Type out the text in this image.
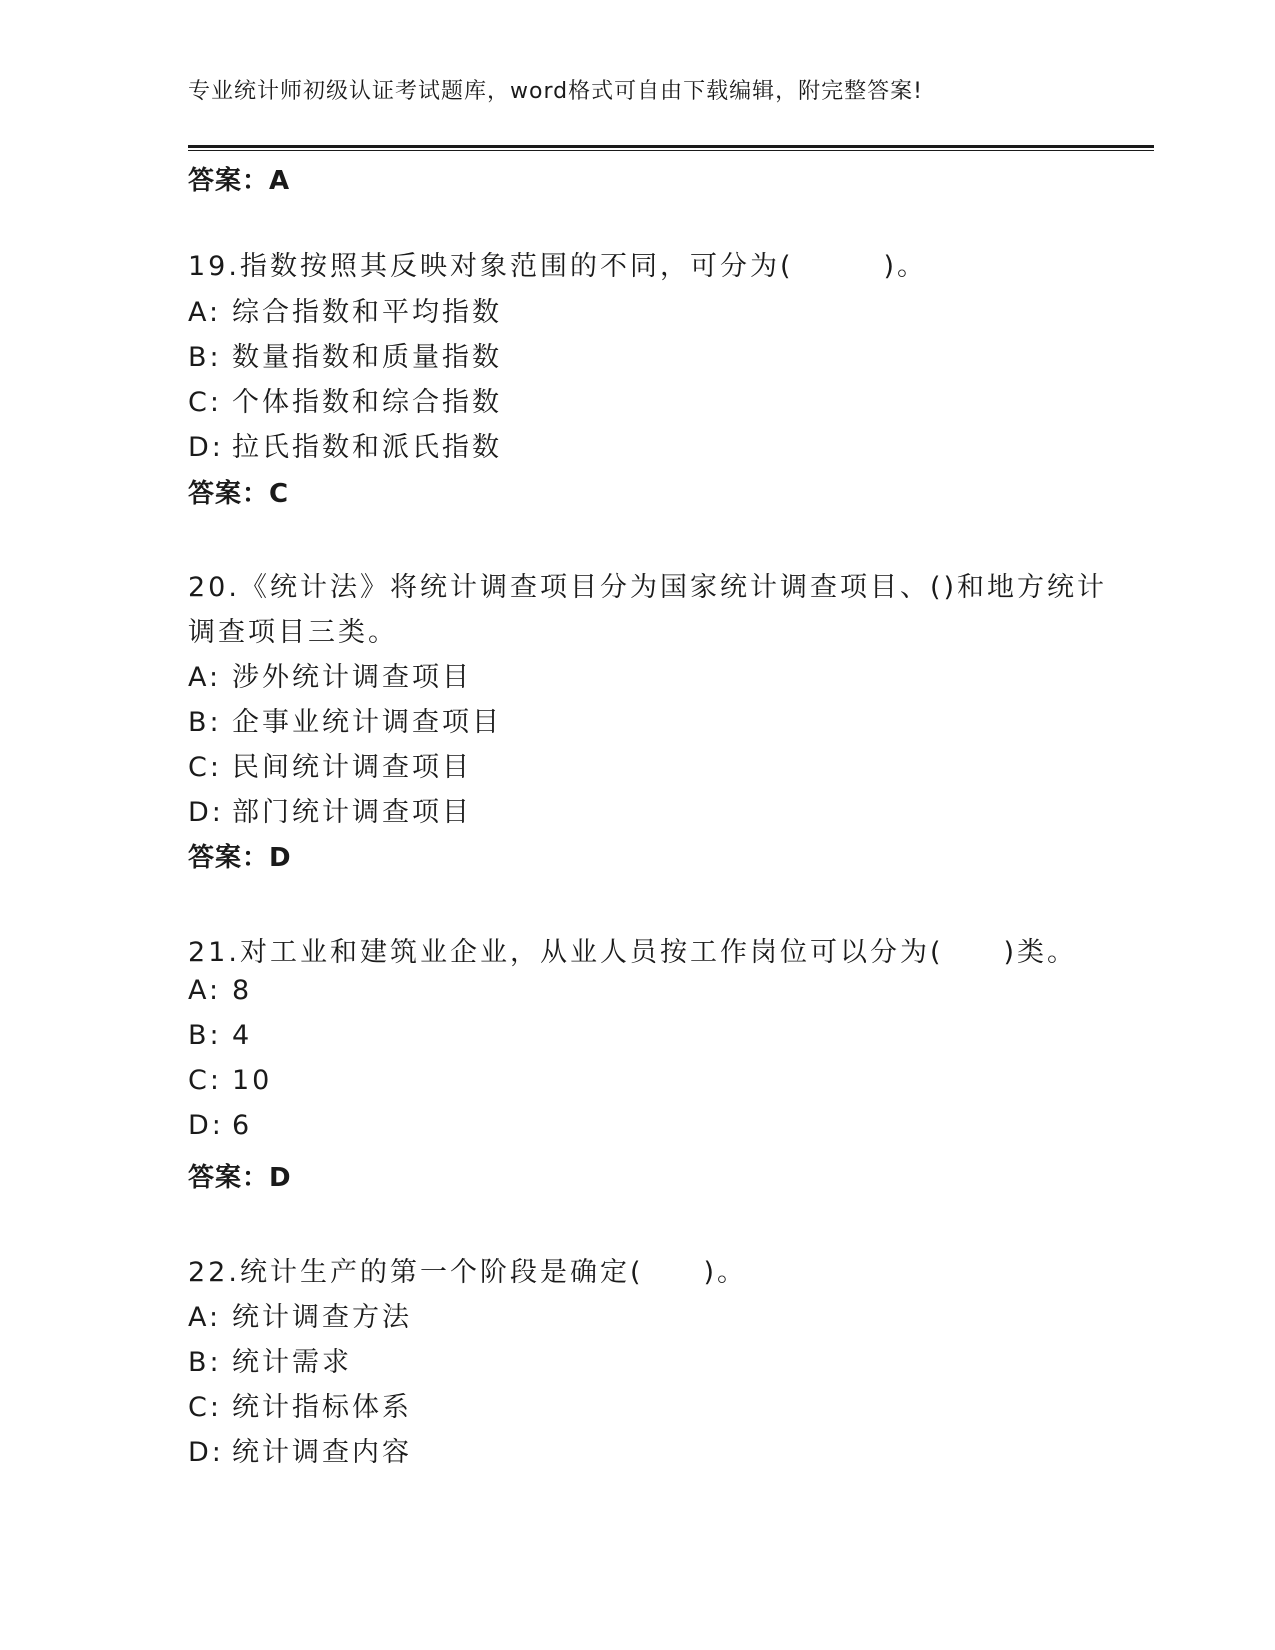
专业统计师初级认证考试题库，word格式可自由下载编辑，附完整答案!
答案：A
19.指数按照其反映对象范围的不同，可分为(　　　)。
A: 综合指数和平均指数
B: 数量指数和质量指数
C: 个体指数和综合指数
D: 拉氏指数和派氏指数
答案：C
20.《统计法》将统计调查项目分为国家统计调查项目、()和地方统计
调查项目三类。
A: 涉外统计调查项目
B: 企事业统计调查项目
C: 民间统计调查项目
D: 部门统计调查项目
答案：D
21.对工业和建筑业企业，从业人员按工作岗位可以分为(　　)类。
A: 8
B: 4
C: 10
D: 6
答案：D
22.统计生产的第一个阶段是确定(　　)。
A: 统计调查方法
B: 统计需求
C: 统计指标体系
D: 统计调查内容
